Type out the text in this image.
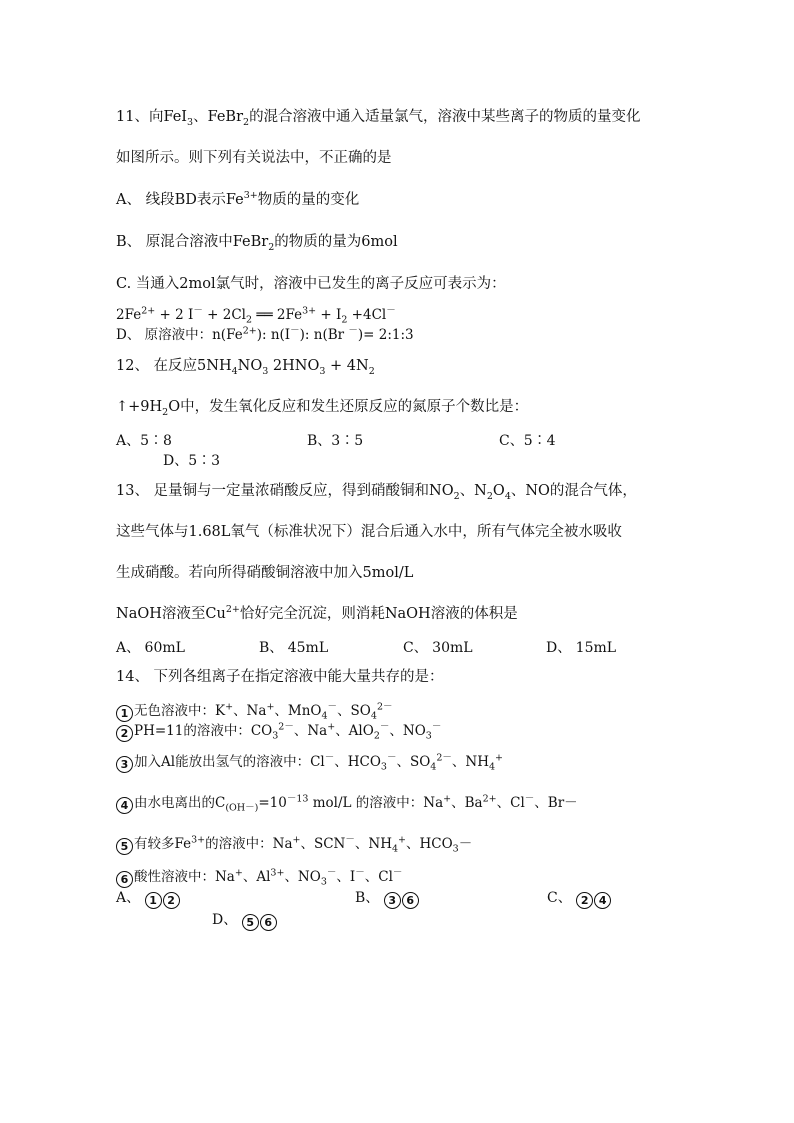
11、向FeI$_3$、FeBr$_2$的混合溶液中通入适量氯气，溶液中某些离子的物质的量变化
如图所示。则下列有关说法中，不正确的是
A、 线段BD表示$Fe^{3+}$物质的量的变化
B、 原混合溶液中FeBr$_2$的物质的量为6mol
C. 当通入2mol氯气时，溶液中已发生的离子反应可表示为：
$2Fe^{2+} + 2$ $I^- + 2Cl_2$ ══ $2Fe^{3+} + I_2 +4Cl^-$
D、 原溶液中：$n(Fe^{2+})$: n(I－): n(Br －)= 2:1:3
12、 在反应$5NH_4NO_3$ $2HNO_3 + 4N_2$
$↑+9H_2O$中，发生氧化反应和发生还原反应的氮原子个数比是：
A、5∶8	B、3∶5	C、5∶4
D、5∶3
13、 足量铜与一定量浓硝酸反应，得到硝酸铜和$NO_2$、$N_2O_4$、NO的混合气体，
这些气体与1.68L氧气（标准状况下）混合后通入水中，所有气体完全被水吸收
生成硝酸。若向所得硝酸铜溶液中加入5mol/L
NaOH溶液至$Cu^{2+}$恰好完全沉淀，则消耗NaOH溶液的体积是
A、 60mL	B、 45mL	C、 30mL	D、 15mL
14、 下列各组离子在指定溶液中能大量共存的是：
1 无色溶液中：K+、Na+、MnO$_4$－、$SO_4^{2-}$
2 PH=11的溶液中：$CO_3^{2-}$、Na+、AlO$_2$－、$NO_3^-$
3 加入Al能放出氢气的溶液中：Cl－、$HCO_3^-$、$SO_4^{2-}$、$NH_4^+$
4 由水电离出的$C_{(OH-)}=10^{-13}$ mol/L 的溶液中：Na+、$Ba^{2+}$、Cl－、Br－
5 有较多$Fe^{3+}$的溶液中：Na+、SCN－、$NH_4^+$、$HCO_3-$
6 酸性溶液中：Na+、$Al^{3+}$、$NO_3^-$、I－、Cl－
A、 1 2	B、 3 6	C、 2 4
D、 5 6
